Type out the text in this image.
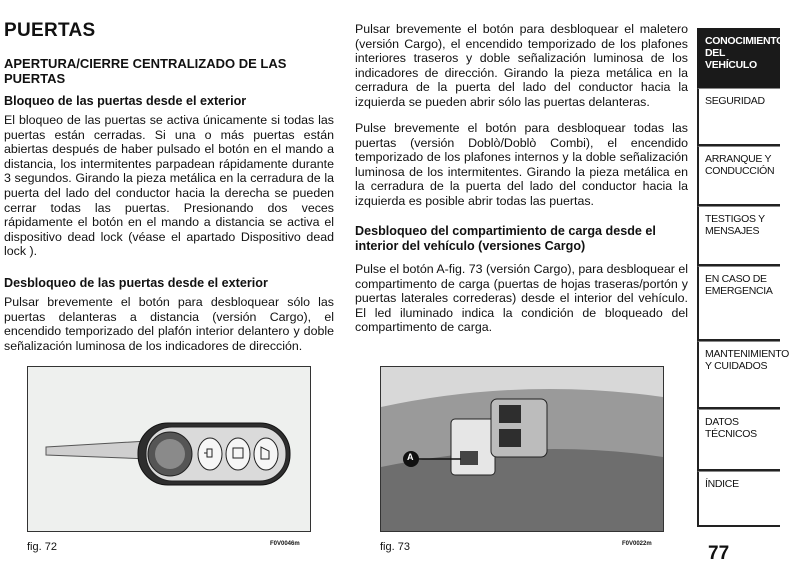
PUERTAS
APERTURA/CIERRE CENTRALIZADO DE LAS PUERTAS
Bloqueo de las puertas desde el exterior
El bloqueo de las puertas se activa únicamente si todas las puertas están cerradas. Si una o más puertas están abiertas después de haber pulsado el botón en el mando a distancia, los intermitentes parpadean rápidamente durante 3 segundos. Girando la pieza metálica en la cerradura de la puerta del lado del conductor hacia la derecha se pueden cerrar todas las puertas. Presionando dos veces rápidamente el botón en el mando a distancia se activa el dispositivo dead lock (véase el apartado Dispositivo dead lock ).
Desbloqueo de las puertas desde el exterior
Pulsar brevemente el botón para desbloquear sólo las puertas delanteras a distancia (versión Cargo), el encendido temporizado del plafón interior delantero y doble señalización luminosa de los indicadores de dirección.
fig. 72	F0V0046m
Pulsar brevemente el botón para desbloquear el maletero (versión Cargo), el encendido temporizado de los plafones interiores traseros y doble señalización luminosa de los indicadores de dirección. Girando la pieza metálica en la cerradura de la puerta del lado del conductor hacia la izquierda se pueden abrir sólo las puertas delanteras.
Pulse brevemente el botón para desbloquear todas las puertas (versión Doblò/Doblò Combi), el encendido temporizado de los plafones internos y la doble señalización luminosa de los intermitentes. Girando la pieza metálica en la cerradura de la puerta del lado del conductor hacia la izquierda es posible abrir todas las puertas.
Desbloqueo del compartimiento de carga desde el interior del vehículo (versiones Cargo)
Pulse el botón A-fig. 73 (versión Cargo), para desbloquear el compartimento de carga (puertas de hojas traseras/portón y puertas laterales correderas) desde el interior del vehículo. El led iluminado indica la condición de bloqueado del compartimento de carga.
A
fig. 73	F0V0022m
CONOCIMIENTO DEL VEHÍCULO
SEGURIDAD
ARRANQUE Y CONDUCCIÓN
TESTIGOS Y MENSAJES
EN CASO DE EMERGENCIA
MANTENIMIENTO Y CUIDADOS
DATOS TÉCNICOS
ÍNDICE
77
